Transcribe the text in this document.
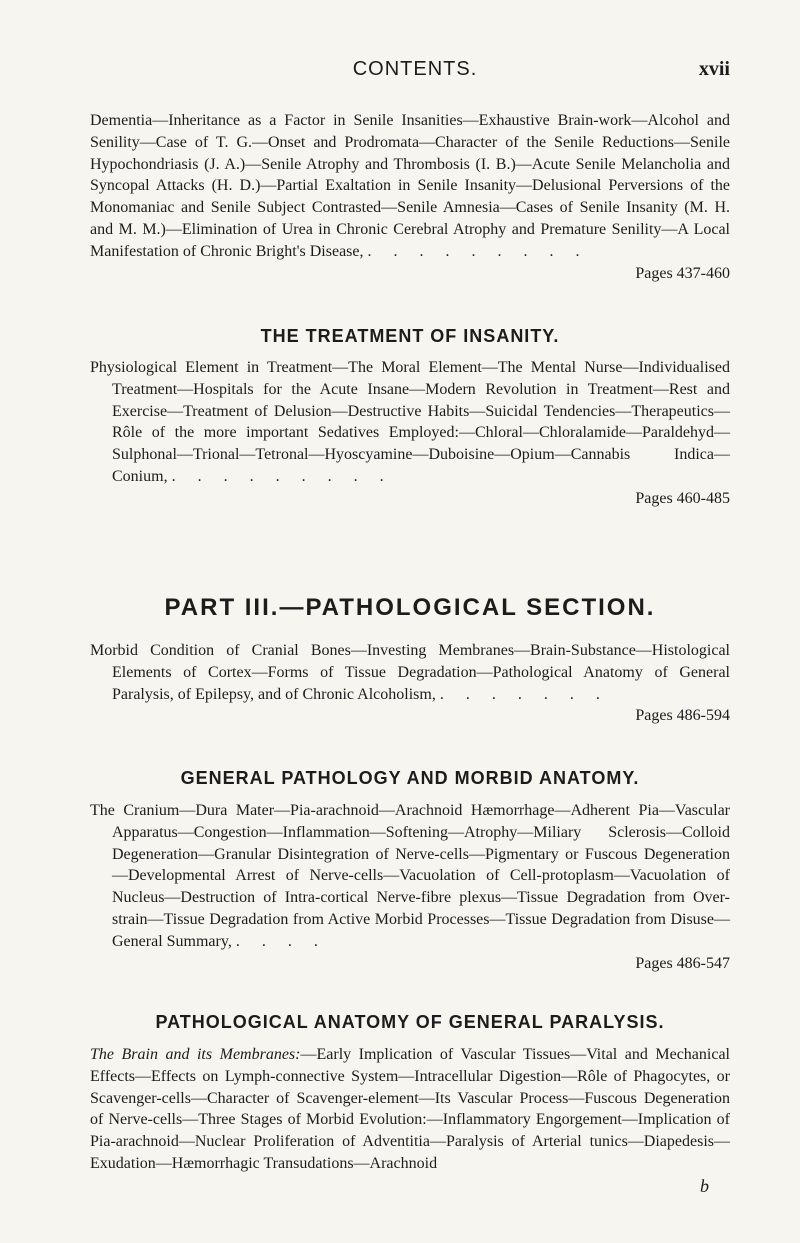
CONTENTS.	xvii
Dementia—Inheritance as a Factor in Senile Insanities—Exhaustive Brain-work—Alcohol and Senility—Case of T. G.—Onset and Prodromata—Character of the Senile Reductions—Senile Hypochondriasis (J. A.)—Senile Atrophy and Thrombosis (I. B.)—Acute Senile Melancholia and Syncopal Attacks (H. D.)—Partial Exaltation in Senile Insanity—Delusional Perversions of the Monomaniac and Senile Subject Contrasted—Senile Amnesia—Cases of Senile Insanity (M. H. and M. M.)—Elimination of Urea in Chronic Cerebral Atrophy and Premature Senility—A Local Manifestation of Chronic Bright's Disease, . . . . . . . . .
Pages 437-460
THE TREATMENT OF INSANITY.
Physiological Element in Treatment—The Moral Element—The Mental Nurse—Individualised Treatment—Hospitals for the Acute Insane—Modern Revolution in Treatment—Rest and Exercise—Treatment of Delusion—Destructive Habits—Suicidal Tendencies—Therapeutics—Rôle of the more important Sedatives Employed:—Chloral—Chloralamide—Paraldehyd—Sulphonal—Trional—Tetronal—Hyoscyamine—Duboisine—Opium—Cannabis Indica—Conium, . . . . . . . . .
Pages 460-485
PART III.—PATHOLOGICAL SECTION.
Morbid Condition of Cranial Bones—Investing Membranes—Brain-Substance—Histological Elements of Cortex—Forms of Tissue Degradation—Pathological Anatomy of General Paralysis, of Epilepsy, and of Chronic Alcoholism, . . . . . . .
Pages 486-594
GENERAL PATHOLOGY AND MORBID ANATOMY.
The Cranium—Dura Mater—Pia-arachnoid—Arachnoid Hæmorrhage—Adherent Pia—Vascular Apparatus—Congestion—Inflammation—Softening—Atrophy—Miliary Sclerosis—Colloid Degeneration—Granular Disintegration of Nerve-cells—Pigmentary or Fuscous Degeneration—Developmental Arrest of Nerve-cells—Vacuolation of Cell-protoplasm—Vacuolation of Nucleus—Destruction of Intra-cortical Nerve-fibre plexus—Tissue Degradation from Over-strain—Tissue Degradation from Active Morbid Processes—Tissue Degradation from Disuse—General Summary, . . . .
Pages 486-547
PATHOLOGICAL ANATOMY OF GENERAL PARALYSIS.
The Brain and its Membranes:—Early Implication of Vascular Tissues—Vital and Mechanical Effects—Effects on Lymph-connective System—Intracellular Digestion—Rôle of Phagocytes, or Scavenger-cells—Character of Scavenger-element—Its Vascular Process—Fuscous Degeneration of Nerve-cells—Three Stages of Morbid Evolution:—Inflammatory Engorgement—Implication of Pia-arachnoid—Nuclear Proliferation of Adventitia—Paralysis of Arterial tunics—Diapedesis—Exudation—Hæmorrhagic Transudations—Arachnoid
b
